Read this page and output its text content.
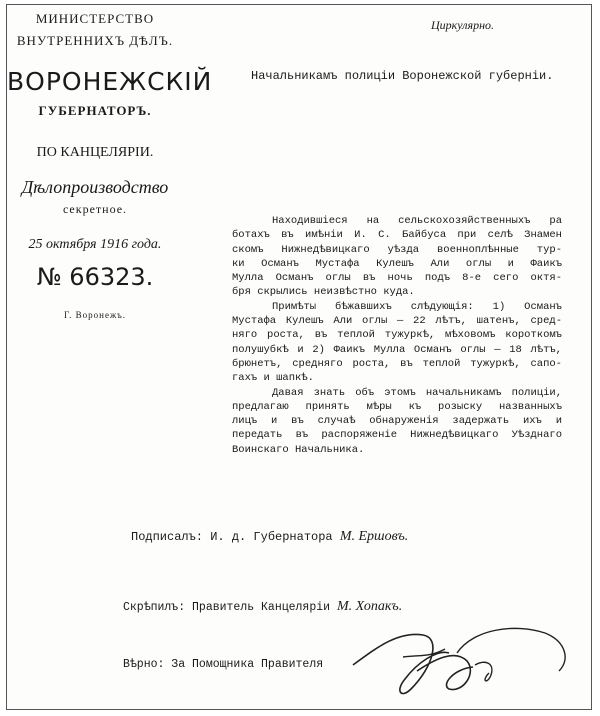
МИНИСТЕРСТВО
ВНУТРЕННИХЪ ДѢЛЪ.
ВОРОНЕЖСКІЙ
ГУБЕРНАТОРЪ.
ПО КАНЦЕЛЯРІИ.
Дѣлопроизводство
секретное.
25 октября 1916 года.
№ 66323.
Г. Воронежъ.
Циркулярно.
Начальникамъ полиціи Воронежской губерніи.
Находившіеся на сельскохозяйственныхъ ра
ботахъ въ имѣніи И. С. Байбуса при селѣ Знамен
скомъ Нижнедѣвицкаго уѣзда военноплѣнные тур-
ки Османъ Мустафа Кулешъ Али оглы и Фаикъ
Мулла Османъ оглы въ ночь подъ 8-е сего октя-
бря скрылись неизвѣстно куда.
Примѣты бѣжавшихъ слѣдующія: 1) Османъ
Мустафа Кулешъ Али оглы — 22 лѣтъ, шатенъ, сред-
няго роста, въ теплой тужуркѣ, мѣховомъ короткомъ
полушубкѣ и 2) Фаикъ Мулла Османъ оглы — 18 лѣтъ,
брюнетъ, средняго роста, въ теплой тужуркѣ, сапо-
гахъ и шапкѣ.
Давая знать объ этомъ начальникамъ полиціи,
предлагаю принять мѣры къ розыску названныхъ
лицъ и въ случаѣ обнаруженія задержать ихъ и
передать въ распоряженіе Нижнедѣвицкаго Уѣзднаго
Воинскаго Начальника.
Подписалъ: И. д. Губернатора М. Ершовъ.
Скрѣпилъ: Правитель Канцеляріи М. Хопакъ.
Вѣрно: За Помощника Правителя
